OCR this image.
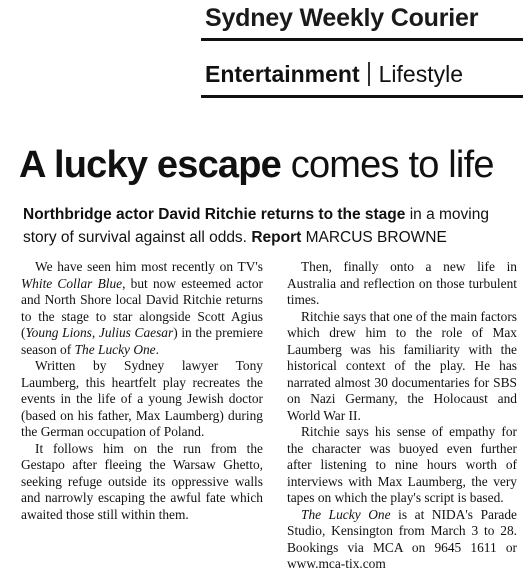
Sydney Weekly Courier
Entertainment Lifestyle
A lucky escape comes to life
Northbridge actor David Ritchie returns to the stage in a moving story of survival against all odds. Report MARCUS BROWNE

We have seen him most recently on TV's White Collar Blue, but now esteemed actor and North Shore local David Ritchie returns to the stage to star alongside Scott Agius (Young Lions, Julius Caesar) in the premiere season of The Lucky One.

Written by Sydney lawyer Tony Laumberg, this heartfelt play recreates the events in the life of a young Jewish doctor (based on his father, Max Laumberg) during the German occupation of Poland.

It follows him on the run from the Gestapo after fleeing the Warsaw Ghetto, seeking refuge outside its oppressive walls and narrowly escaping the awful fate which awaited those still within them.

Then, finally onto a new life in Australia and reflection on those turbulent times.

Ritchie says that one of the main factors which drew him to the role of Max Laumberg was his familiarity with the historical context of the play. He has narrated almost 30 documentaries for SBS on Nazi Germany, the Holocaust and World War II.

Ritchie says his sense of empathy for the character was buoyed even further after listening to nine hours worth of interviews with Max Laumberg, the very tapes on which the play's script is based.

The Lucky One is at NIDA's Parade Studio, Kensington from March 3 to 28. Bookings via MCA on 9645 1611 or www.mca-tix.com
